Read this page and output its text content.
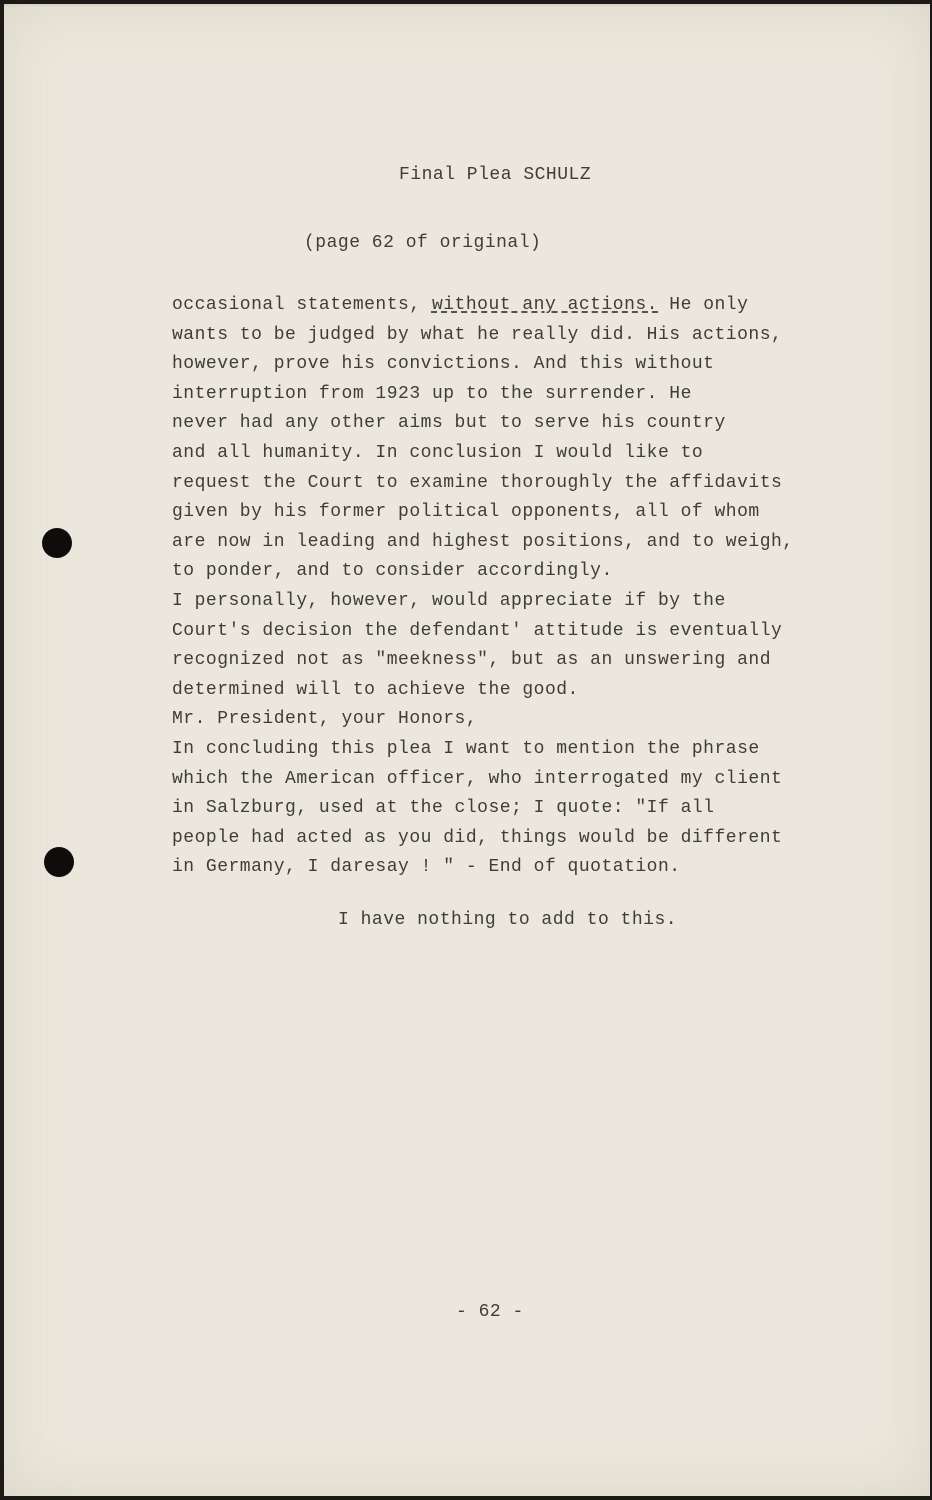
Final Plea SCHULZ
(page 62 of original)
occasional statements, without any actions. He only
wants to be judged by what he really did. His actions,
however, prove his convictions. And this without
interruption from 1923 up to the surrender. He
never had any other aims but to serve his country
and all humanity. In conclusion I would like to
request the Court to examine thoroughly the affidavits
given by his former political opponents, all of whom
are now in leading and highest positions, and to weigh,
to ponder, and to consider accordingly.
I personally, however, would appreciate if by the
Court's decision the defendant' attitude is eventually
recognized not as "meekness", but as an unswering and
determined will to achieve the good.
Mr. President, your Honors,
In concluding this plea I want to mention the phrase
which the American officer, who interrogated my client
in Salzburg, used at the close; I quote: "If all
people had acted as you did, things would be different
in Germany, I daresay ! " - End of quotation.
I have nothing to add to this.
- 62 -
